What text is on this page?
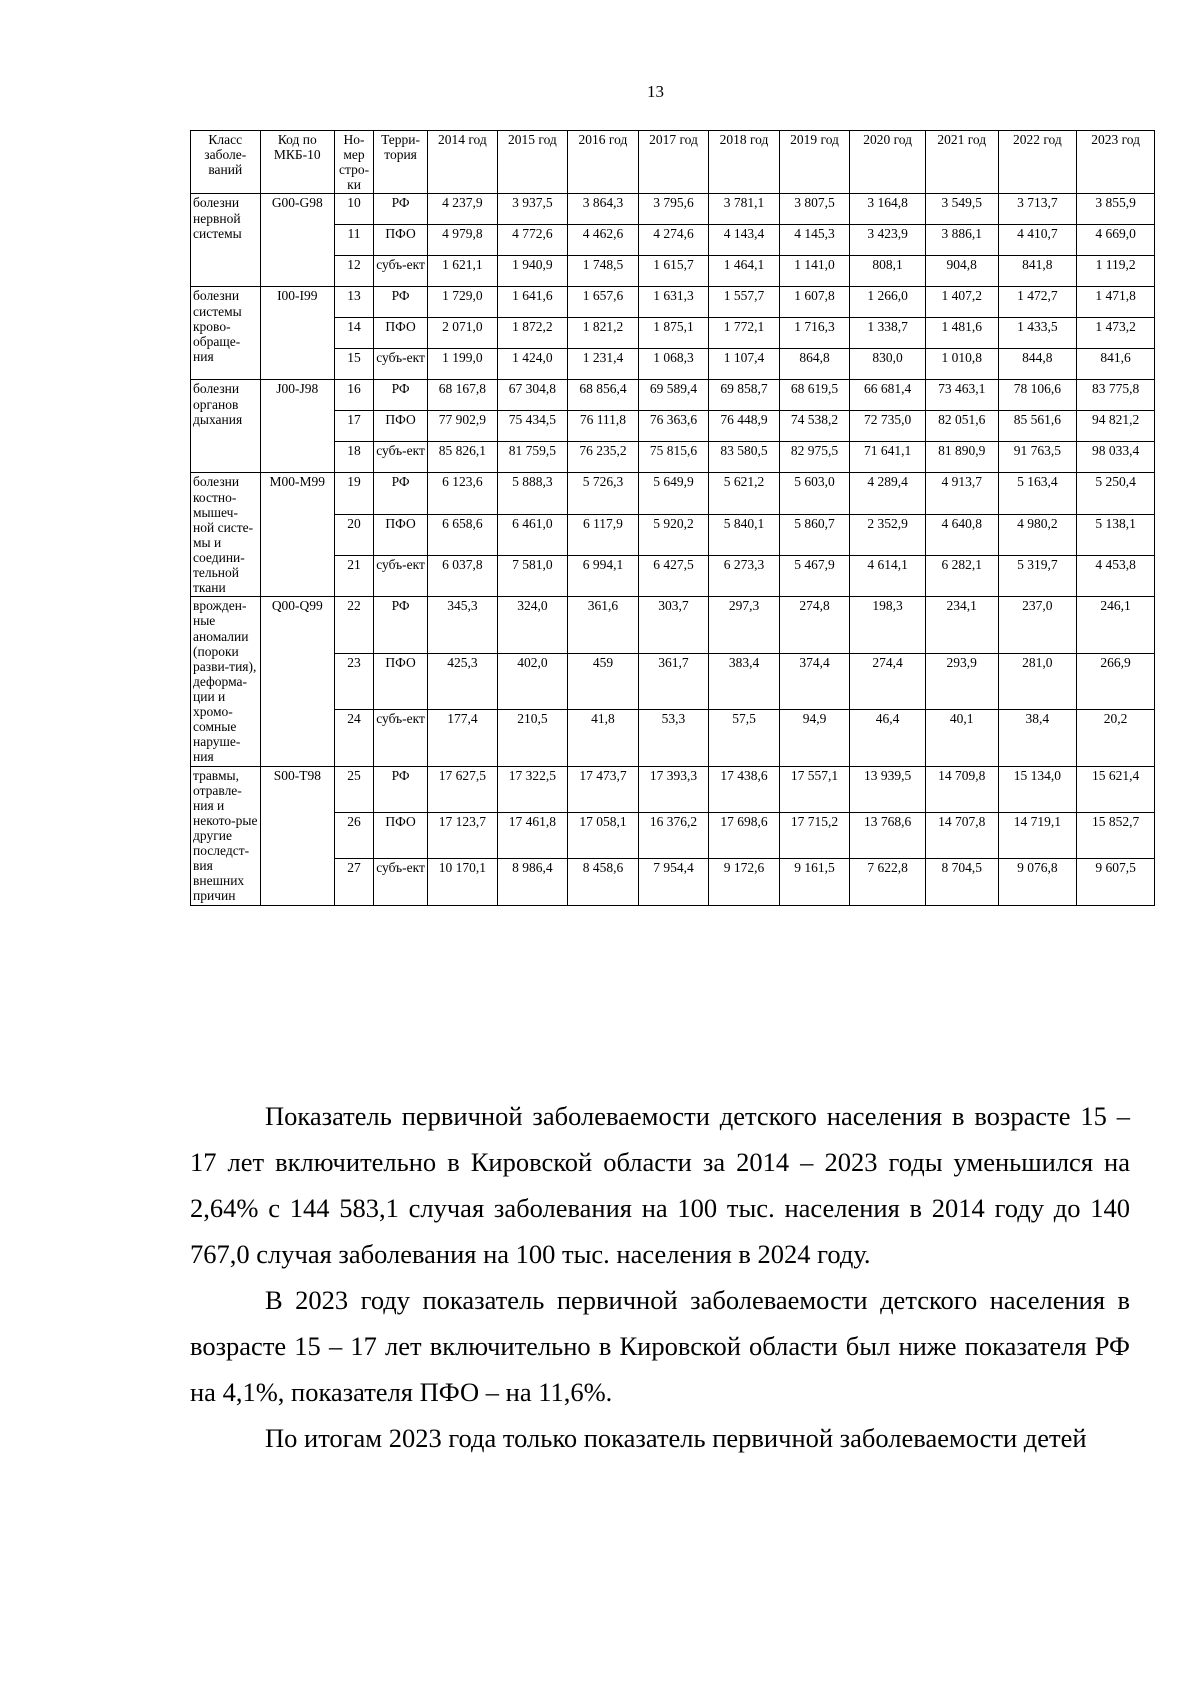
13
Класс заболе-ваний	Код по МКБ-10	Но-мер стро-ки	Терри-тория	2014 год	2015 год	2016 год	2017 год	2018 год	2019 год	2020 год	2021 год	2022 год	2023 год
болезни нервной системы	G00-G98	10	РФ	4 237,9	3 937,5	3 864,3	3 795,6	3 781,1	3 807,5	3 164,8	3 549,5	3 713,7	3 855,9
		11	ПФО	4 979,8	4 772,6	4 462,6	4 274,6	4 143,4	4 145,3	3 423,9	3 886,1	4 410,7	4 669,0
		12	субъ-ект	1 621,1	1 940,9	1 748,5	1 615,7	1 464,1	1 141,0	808,1	904,8	841,8	1 119,2
болезни системы крово-обраще-ния	I00-I99	13	РФ	1 729,0	1 641,6	1 657,6	1 631,3	1 557,7	1 607,8	1 266,0	1 407,2	1 472,7	1 471,8
		14	ПФО	2 071,0	1 872,2	1 821,2	1 875,1	1 772,1	1 716,3	1 338,7	1 481,6	1 433,5	1 473,2
		15	субъ-ект	1 199,0	1 424,0	1 231,4	1 068,3	1 107,4	864,8	830,0	1 010,8	844,8	841,6
болезни органов дыхания	J00-J98	16	РФ	68 167,8	67 304,8	68 856,4	69 589,4	69 858,7	68 619,5	66 681,4	73 463,1	78 106,6	83 775,8
		17	ПФО	77 902,9	75 434,5	76 111,8	76 363,6	76 448,9	74 538,2	72 735,0	82 051,6	85 561,6	94 821,2
		18	субъ-ект	85 826,1	81 759,5	76 235,2	75 815,6	83 580,5	82 975,5	71 641,1	81 890,9	91 763,5	98 033,4
болезни костно-мышеч-ной систе-мы и соедини-тельной ткани	M00-M99	19	РФ	6 123,6	5 888,3	5 726,3	5 649,9	5 621,2	5 603,0	4 289,4	4 913,7	5 163,4	5 250,4
		20	ПФО	6 658,6	6 461,0	6 117,9	5 920,2	5 840,1	5 860,7	2 352,9	4 640,8	4 980,2	5 138,1
		21	субъ-ект	6 037,8	7 581,0	6 994,1	6 427,5	6 273,3	5 467,9	4 614,1	6 282,1	5 319,7	4 453,8
врожден-ные аномалии (пороки разви-тия), деформа-ции и хромо-сомные наруше-ния	Q00-Q99	22	РФ	345,3	324,0	361,6	303,7	297,3	274,8	198,3	234,1	237,0	246,1
		23	ПФО	425,3	402,0	459	361,7	383,4	374,4	274,4	293,9	281,0	266,9
		24	субъ-ект	177,4	210,5	41,8	53,3	57,5	94,9	46,4	40,1	38,4	20,2
травмы, отравле-ния и некото-рые другие последст-вия внешних причин	S00-T98	25	РФ	17 627,5	17 322,5	17 473,7	17 393,3	17 438,6	17 557,1	13 939,5	14 709,8	15 134,0	15 621,4
		26	ПФО	17 123,7	17 461,8	17 058,1	16 376,2	17 698,6	17 715,2	13 768,6	14 707,8	14 719,1	15 852,7
		27	субъ-ект	10 170,1	8 986,4	8 458,6	7 954,4	9 172,6	9 161,5	7 622,8	8 704,5	9 076,8	9 607,5

Показатель первичной заболеваемости детского населения в возрасте 15 – 17 лет включительно в Кировской области за 2014 – 2023 годы уменьшился на 2,64% с 144 583,1 случая заболевания на 100 тыс. населения в 2014 году до 140 767,0 случая заболевания на 100 тыс. населения в 2024 году.

В 2023 году показатель первичной заболеваемости детского населения в возрасте 15 – 17 лет включительно в Кировской области был ниже показателя РФ на 4,1%, показателя ПФО – на 11,6%.

По итогам 2023 года только показатель первичной заболеваемости детей
